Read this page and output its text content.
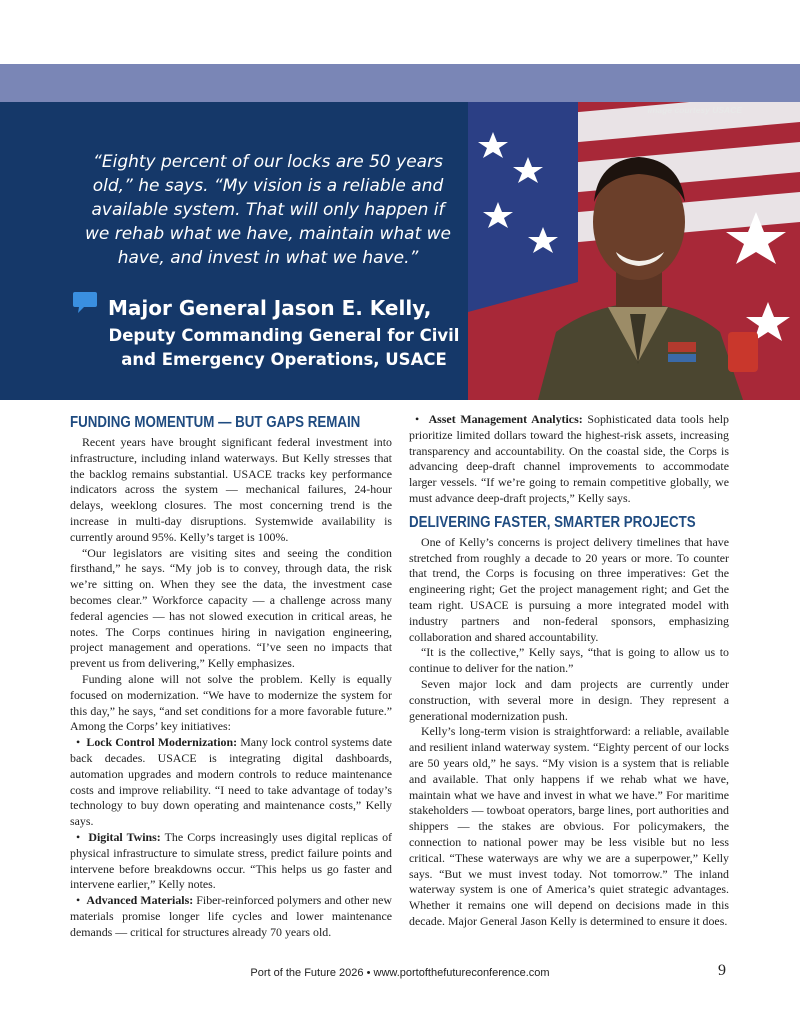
Image courtesy USACE
“Eighty percent of our locks are 50 years
old,” he says. “My vision is a reliable and
available system. That will only happen if
we rehab what we have, maintain what we
have, and invest in what we have.”
Major General Jason E. Kelly,
Deputy Commanding General for Civil
and Emergency Operations, USACE
FUNDING MOMENTUM — BUT GAPS REMAIN

Recent years have brought significant federal investment into infrastructure, including inland waterways. But Kelly stresses that the backlog remains substantial. USACE tracks key performance indicators across the system — mechanical failures, 24-hour delays, weeklong closures. The most concerning trend is the increase in multi-day disruptions. Systemwide availability is currently around 95%. Kelly’s target is 100%.

“Our legislators are visiting sites and seeing the condition firsthand,” he says. “My job is to convey, through data, the risk we’re sitting on. When they see the data, the investment case becomes clear.” Workforce capacity — a challenge across many federal agencies — has not slowed execution in critical areas, he notes. The Corps continues hiring in navigation engineering, project management and operations. “I’ve seen no impacts that prevent us from delivering,” Kelly emphasizes.

Funding alone will not solve the problem. Kelly is equally focused on modernization. “We have to modernize the system for this day,” he says, “and set conditions for a more favorable future.” Among the Corps’ key initiatives:

•  Lock Control Modernization: Many lock control systems date back decades. USACE is integrating digital dashboards, automation upgrades and modern controls to reduce maintenance costs and improve reliability. “I need to take advantage of today’s technology to buy down operating and maintenance costs,” Kelly says.

•  Digital Twins: The Corps increasingly uses digital replicas of physical infrastructure to simulate stress, predict failure points and intervene before breakdowns occur. “This helps us go faster and intervene earlier,” Kelly notes.

•  Advanced Materials: Fiber-reinforced polymers and other new materials promise longer life cycles and lower maintenance demands — critical for structures already 70 years old.

•  Asset Management Analytics: Sophisticated data tools help prioritize limited dollars toward the highest-risk assets, increasing transparency and accountability. On the coastal side, the Corps is advancing deep-draft channel improvements to accommodate larger vessels. “If we’re going to remain competitive globally, we must advance deep-draft projects,” Kelly says.

DELIVERING FASTER, SMARTER PROJECTS

One of Kelly’s concerns is project delivery timelines that have stretched from roughly a decade to 20 years or more. To counter that trend, the Corps is focusing on three imperatives: Get the engineering right; Get the project management right; and Get the team right. USACE is pursuing a more integrated model with industry partners and non-federal sponsors, emphasizing collaboration and shared accountability.

“It is the collective,” Kelly says, “that is going to allow us to continue to deliver for the nation.”

Seven major lock and dam projects are currently under construction, with several more in design. They represent a generational modernization push.

Kelly’s long-term vision is straightforward: a reliable, available and resilient inland waterway system. “Eighty percent of our locks are 50 years old,” he says. “My vision is a system that is reliable and available. That only happens if we rehab what we have, maintain what we have and invest in what we have.” For maritime stakeholders — towboat operators, barge lines, port authorities and shippers — the stakes are obvious. For policymakers, the connection to national power may be less visible but no less critical. “These waterways are why we are a superpower,” Kelly says. “But we must invest today. Not tomorrow.” The inland waterway system is one of America’s quiet strategic advantages. Whether it remains one will depend on decisions made in this decade. Major General Jason Kelly is determined to ensure it does.

Port of the Future 2026 • www.portofthefutureconference.com	9
